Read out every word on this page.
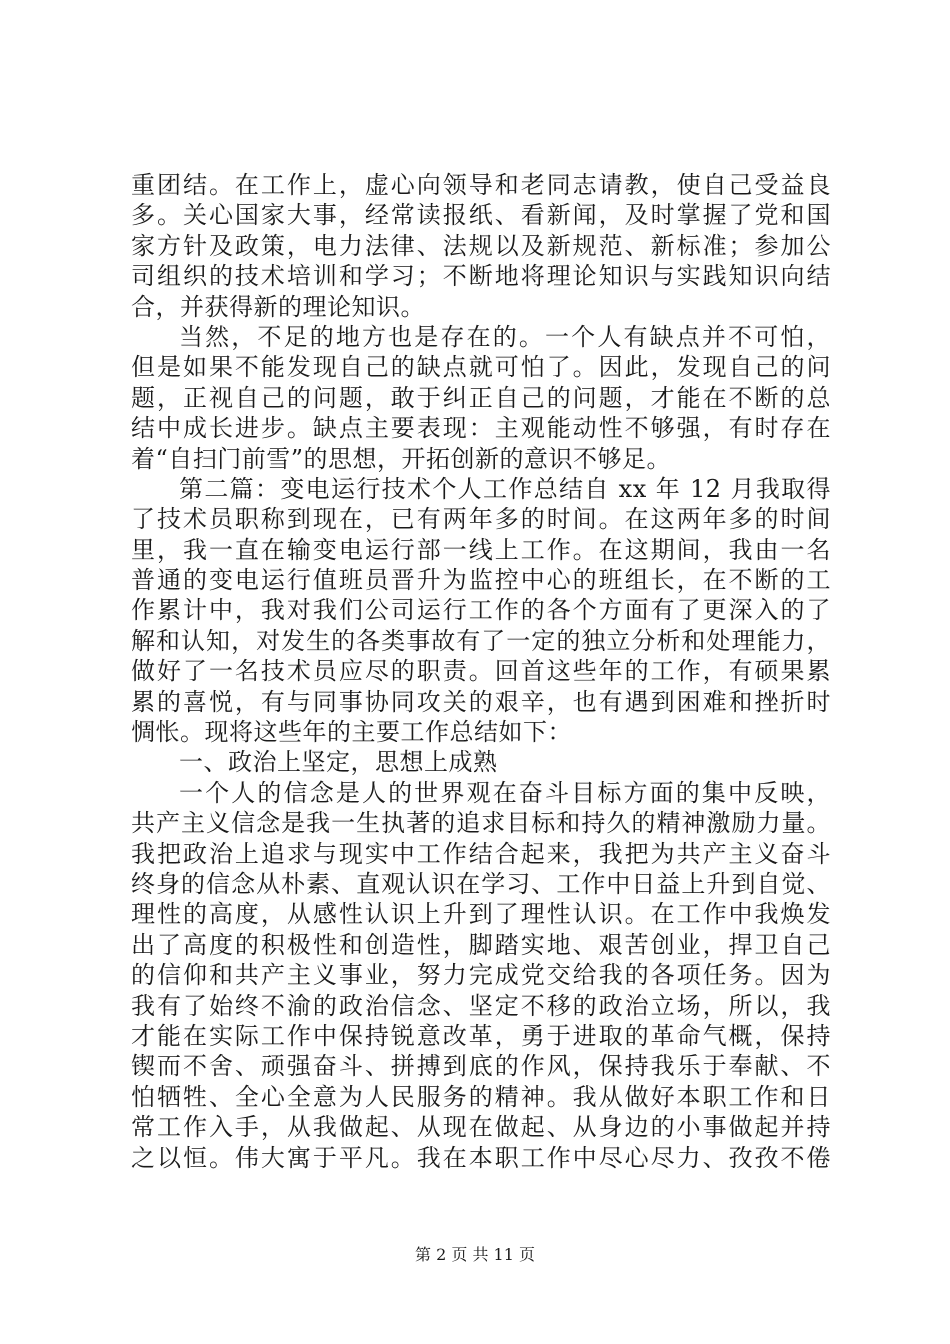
重团结。在工作上，虚心向领导和老同志请教，使自己受益良
多。关心国家大事，经常读报纸、看新闻，及时掌握了党和国
家方针及政策，电力法律、法规以及新规范、新标准；参加公
司组织的技术培训和学习；不断地将理论知识与实践知识向结
合，并获得新的理论知识。
当然，不足的地方也是存在的。一个人有缺点并不可怕，
但是如果不能发现自己的缺点就可怕了。因此，发现自己的问
题，正视自己的问题，敢于纠正自己的问题，才能在不断的总
结中成长进步。缺点主要表现：主观能动性不够强，有时存在
着“自扫门前雪”的思想，开拓创新的意识不够足。
第二篇：变电运行技术个人工作总结自 xx 年 12 月我取得
了技术员职称到现在，已有两年多的时间。在这两年多的时间
里，我一直在输变电运行部一线上工作。在这期间，我由一名
普通的变电运行值班员晋升为监控中心的班组长，在不断的工
作累计中，我对我们公司运行工作的各个方面有了更深入的了
解和认知，对发生的各类事故有了一定的独立分析和处理能力，
做好了一名技术员应尽的职责。回首这些年的工作，有硕果累
累的喜悦，有与同事协同攻关的艰辛，也有遇到困难和挫折时
惆怅。现将这些年的主要工作总结如下：
一、政治上坚定，思想上成熟
一个人的信念是人的世界观在奋斗目标方面的集中反映，
共产主义信念是我一生执著的追求目标和持久的精神激励力量。
我把政治上追求与现实中工作结合起来，我把为共产主义奋斗
终身的信念从朴素、直观认识在学习、工作中日益上升到自觉、
理性的高度，从感性认识上升到了理性认识。在工作中我焕发
出了高度的积极性和创造性，脚踏实地、艰苦创业，捍卫自己
的信仰和共产主义事业，努力完成党交给我的各项任务。因为
我有了始终不渝的政治信念、坚定不移的政治立场，所以，我
才能在实际工作中保持锐意改革，勇于进取的革命气概，保持
锲而不舍、顽强奋斗、拼搏到底的作风，保持我乐于奉献、不
怕牺牲、全心全意为人民服务的精神。我从做好本职工作和日
常工作入手，从我做起、从现在做起、从身边的小事做起并持
之以恒。伟大寓于平凡。我在本职工作中尽心尽力、孜孜不倦
第 2 页 共 11 页
